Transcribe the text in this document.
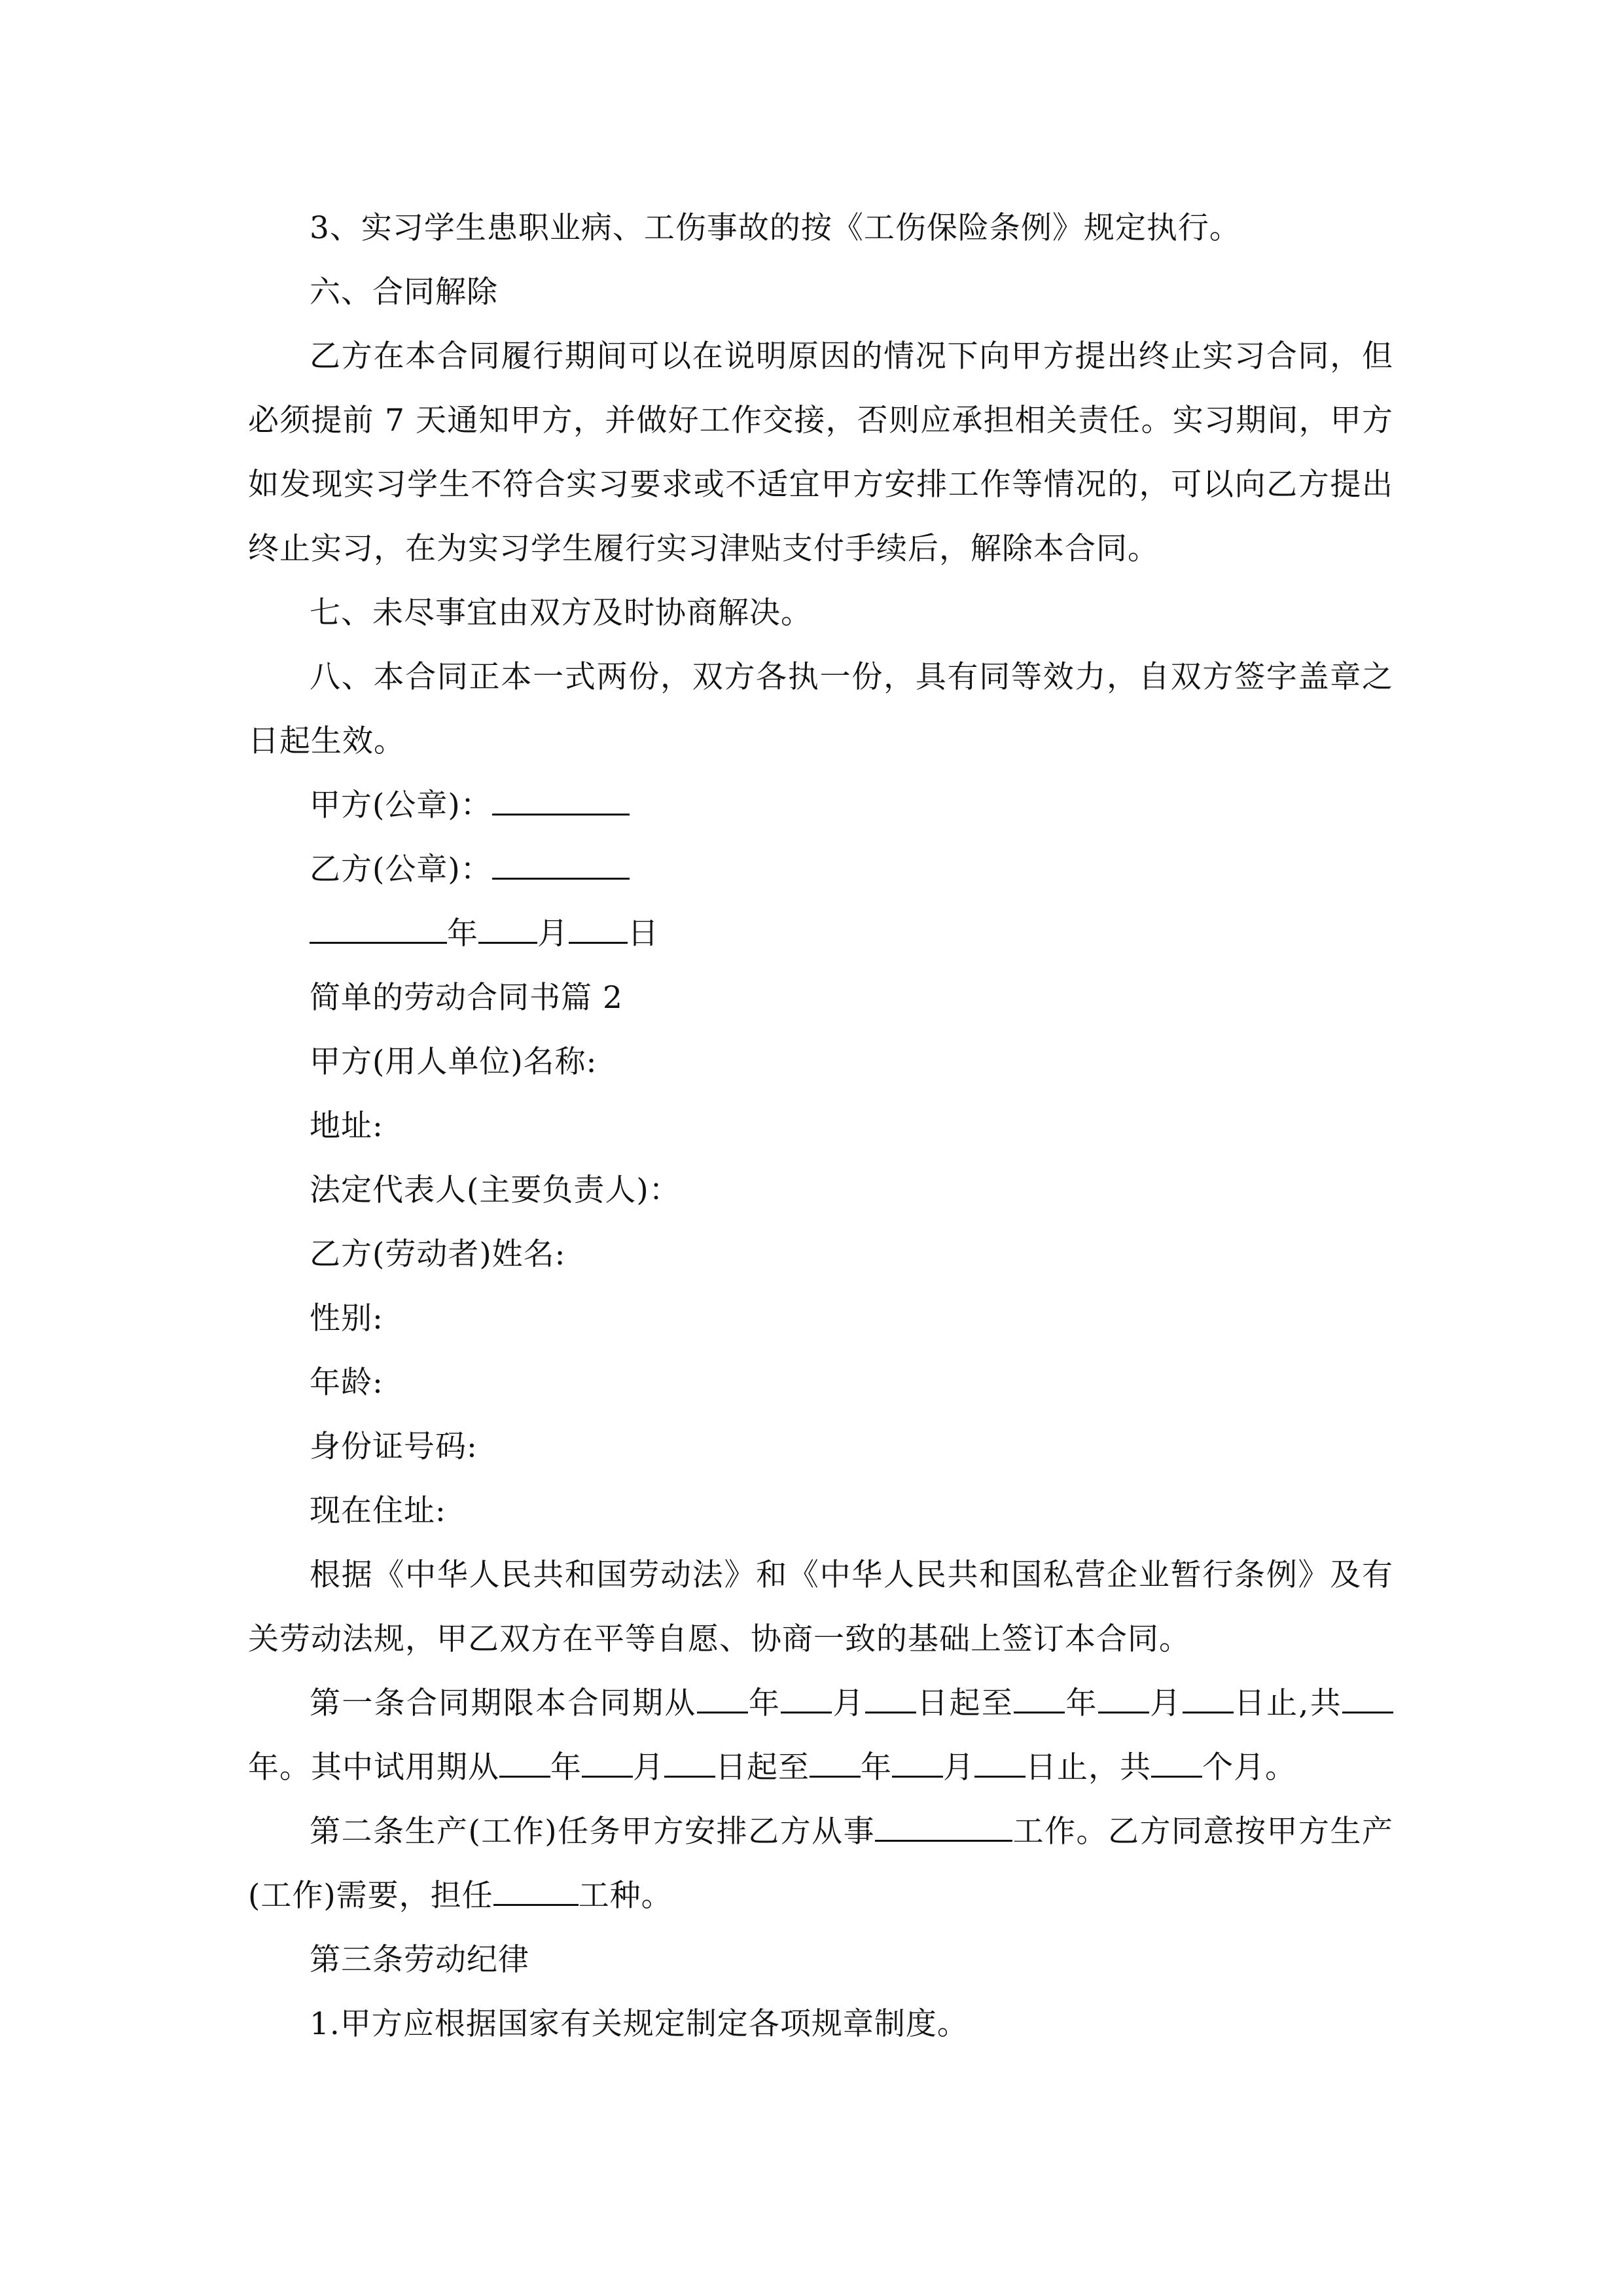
3、实习学生患职业病、工伤事故的按《工伤保险条例》规定执行。

六、合同解除

乙方在本合同履行期间可以在说明原因的情况下向甲方提出终止实习合同，但必须提前 7 天通知甲方，并做好工作交接，否则应承担相关责任。实习期间，甲方如发现实习学生不符合实习要求或不适宜甲方安排工作等情况的，可以向乙方提出终止实习，在为实习学生履行实习津贴支付手续后，解除本合同。

七、未尽事宜由双方及时协商解决。

八、本合同正本一式两份，双方各执一份，具有同等效力，自双方签字盖章之日起生效。

甲方(公章)：

乙方(公章)：

年 月 日

简单的劳动合同书篇 2

甲方(用人单位)名称:

地址:

法定代表人(主要负责人)：

乙方(劳动者)姓名:

性别:

年龄:

身份证号码:

现在住址:

根据《中华人民共和国劳动法》和《中华人民共和国私营企业暂行条例》及有关劳动法规，甲乙双方在平等自愿、协商一致的基础上签订本合同。

第一条合同期限本合同期从 年 月 日起至 年 月 日止,共年。其中试用期从 年 月 日起至 年 月 日止，共 个月。

第二条生产(工作)任务甲方安排乙方从事	工作。乙方同意按甲方生产(工作)需要，担任	工种。

第三条劳动纪律

1.甲方应根据国家有关规定制定各项规章制度。
